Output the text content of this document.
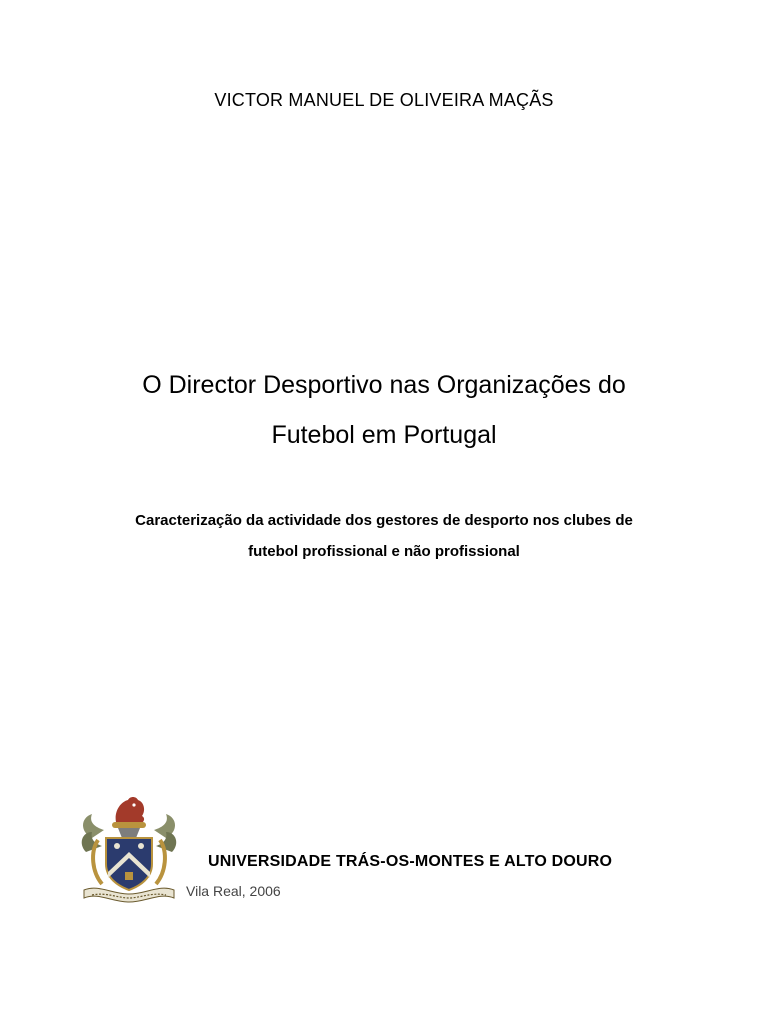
VICTOR MANUEL DE OLIVEIRA MAÇÃS
O Director Desportivo nas Organizações do
Futebol em Portugal
Caracterização da actividade dos gestores de desporto nos clubes de
futebol profissional e não profissional
UNIVERSIDADE TRÁS-OS-MONTES E ALTO DOURO
Vila Real, 2006
